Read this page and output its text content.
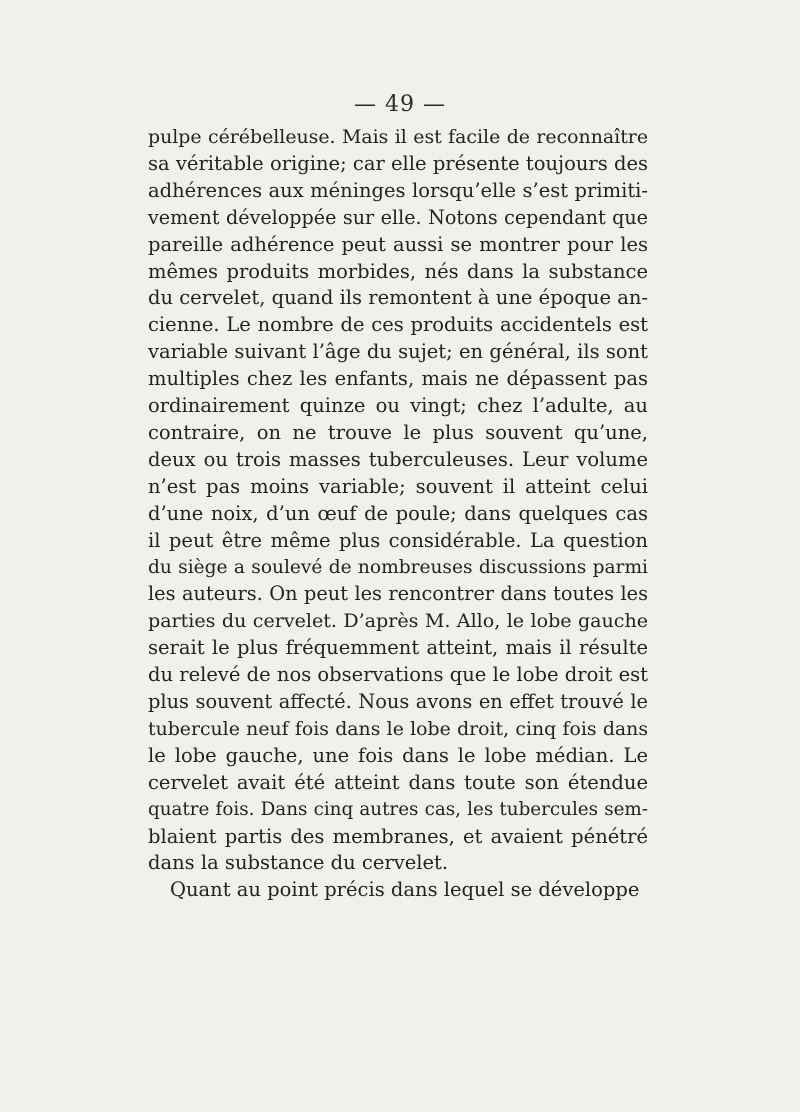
— 49 —
pulpe cérébelleuse. Mais il est facile de reconnaître
sa véritable origine; car elle présente toujours des
adhérences aux méninges lorsqu’elle s’est primiti-
vement développée sur elle. Notons cependant que
pareille adhérence peut aussi se montrer pour les
mêmes produits morbides, nés dans la substance
du cervelet, quand ils remontent à une époque an-
cienne. Le nombre de ces produits accidentels est
variable suivant l’âge du sujet; en général, ils sont
multiples chez les enfants, mais ne dépassent pas
ordinairement quinze ou vingt; chez l’adulte, au
contraire, on ne trouve le plus souvent qu’une,
deux ou trois masses tuberculeuses. Leur volume
n’est pas moins variable; souvent il atteint celui
d’une noix, d’un œuf de poule; dans quelques cas
il peut être même plus considérable. La question
du siège a soulevé de nombreuses discussions parmi
les auteurs. On peut les rencontrer dans toutes les
parties du cervelet. D’après M. Allo, le lobe gauche
serait le plus fréquemment atteint, mais il résulte
du relevé de nos observations que le lobe droit est
plus souvent affecté. Nous avons en effet trouvé le
tubercule neuf fois dans le lobe droit, cinq fois dans
le lobe gauche, une fois dans le lobe médian. Le
cervelet avait été atteint dans toute son étendue
quatre fois. Dans cinq autres cas, les tubercules sem-
blaient partis des membranes, et avaient pénétré
dans la substance du cervelet.
Quant au point précis dans lequel se développe
